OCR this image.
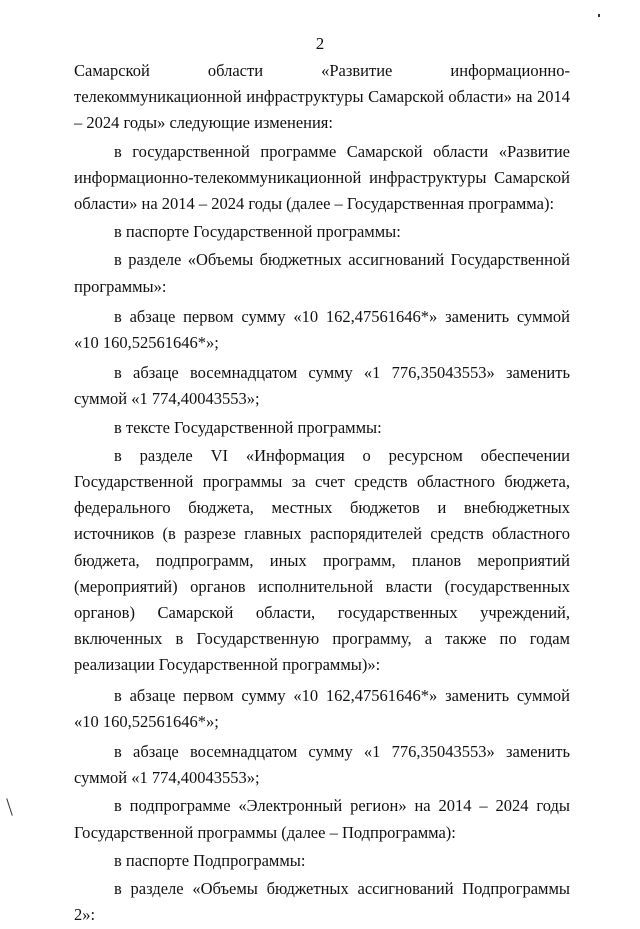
2

Самарской области «Развитие информационно-телекоммуникационной инфраструктуры Самарской области» на 2014 – 2024 годы» следующие изменения:

в государственной программе Самарской области «Развитие информационно-телекоммуникационной инфраструктуры Самарской области» на 2014 – 2024 годы (далее – Государственная программа):

в паспорте Государственной программы:

в разделе «Объемы бюджетных ассигнований Государственной программы»:

в абзаце первом сумму «10 162,47561646*» заменить суммой «10 160,52561646*»;

в абзаце восемнадцатом сумму «1 776,35043553» заменить суммой «1 774,40043553»;

в тексте Государственной программы:

в разделе VI «Информация о ресурсном обеспечении Государственной программы за счет средств областного бюджета, федерального бюджета, местных бюджетов и внебюджетных источников (в разрезе главных распорядителей средств областного бюджета, подпрограмм, иных программ, планов мероприятий (мероприятий) органов исполнительной власти (государственных органов) Самарской области, государственных учреждений, включенных в Государственную программу, а также по годам реализации Государственной программы)»:

в абзаце первом сумму «10 162,47561646*» заменить суммой «10 160,52561646*»;

в абзаце восемнадцатом сумму «1 776,35043553» заменить суммой «1 774,40043553»;

в подпрограмме «Электронный регион» на 2014 – 2024 годы Государственной программы (далее – Подпрограмма):

в паспорте Подпрограммы:

в разделе «Объемы бюджетных ассигнований Подпрограммы 2»:
